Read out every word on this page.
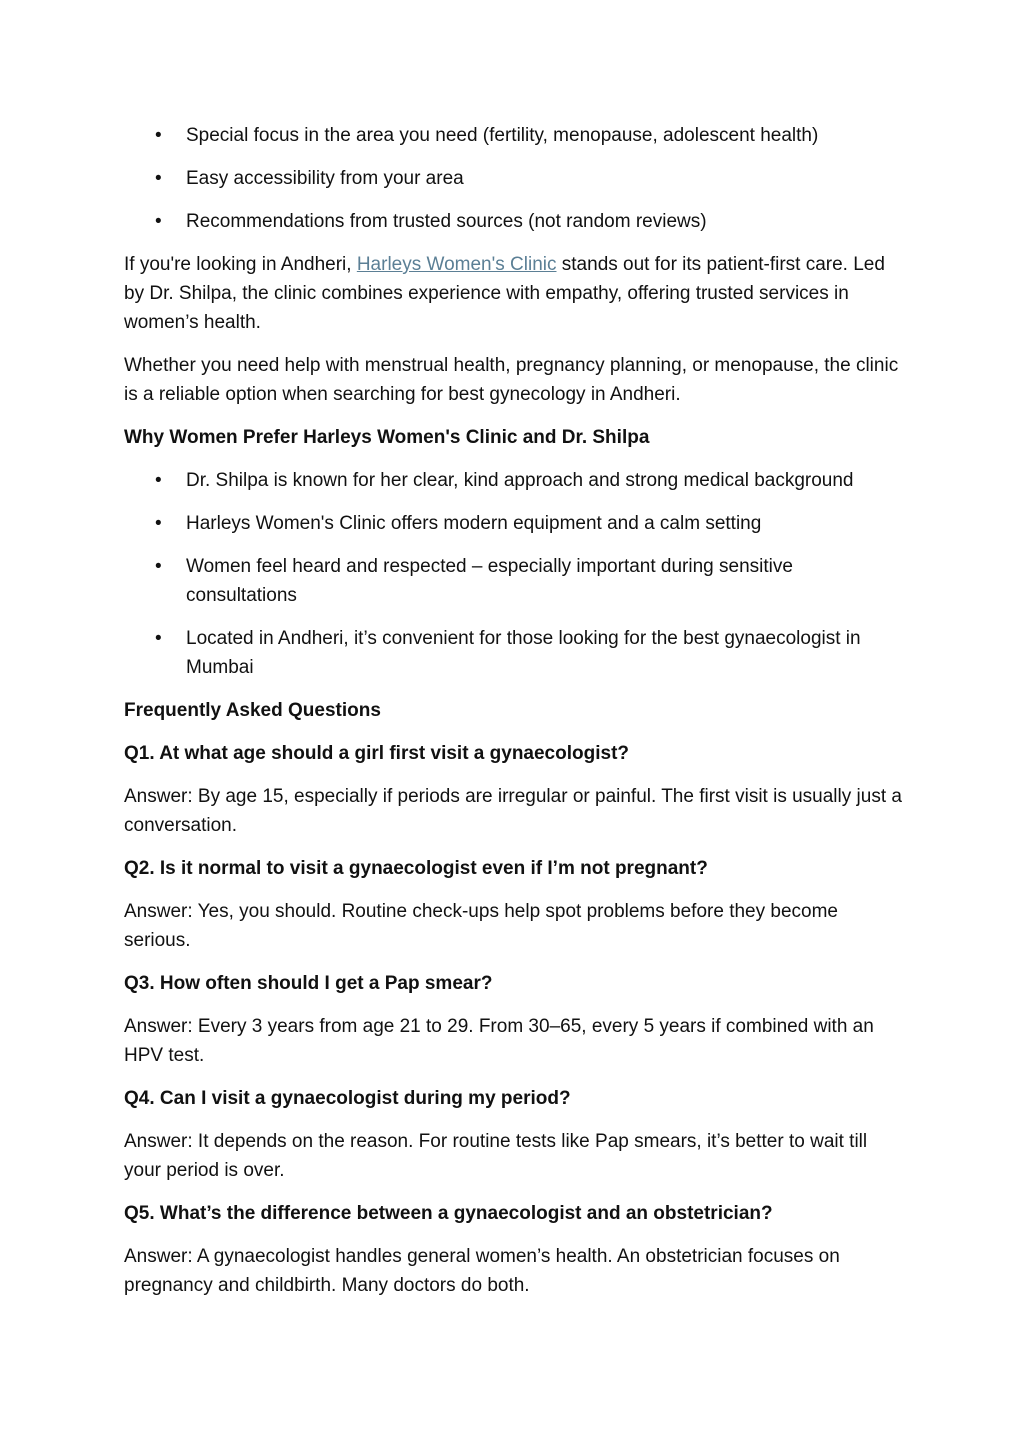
•	Special focus in the area you need (fertility, menopause, adolescent health)
•	Easy accessibility from your area
•	Recommendations from trusted sources (not random reviews)

If you're looking in Andheri, Harleys Women's Clinic stands out for its patient-first care. Led by Dr. Shilpa, the clinic combines experience with empathy, offering trusted services in women’s health.

Whether you need help with menstrual health, pregnancy planning, or menopause, the clinic is a reliable option when searching for best gynecology in Andheri.

Why Women Prefer Harleys Women's Clinic and Dr. Shilpa

•	Dr. Shilpa is known for her clear, kind approach and strong medical background
•	Harleys Women's Clinic offers modern equipment and a calm setting
•	Women feel heard and respected – especially important during sensitive consultations
•	Located in Andheri, it’s convenient for those looking for the best gynaecologist in Mumbai

Frequently Asked Questions

Q1. At what age should a girl first visit a gynaecologist?

Answer: By age 15, especially if periods are irregular or painful. The first visit is usually just a conversation.

Q2. Is it normal to visit a gynaecologist even if I’m not pregnant?

Answer: Yes, you should. Routine check-ups help spot problems before they become serious.

Q3. How often should I get a Pap smear?

Answer: Every 3 years from age 21 to 29. From 30–65, every 5 years if combined with an HPV test.

Q4. Can I visit a gynaecologist during my period?

Answer: It depends on the reason. For routine tests like Pap smears, it’s better to wait till your period is over.

Q5. What’s the difference between a gynaecologist and an obstetrician?

Answer: A gynaecologist handles general women’s health. An obstetrician focuses on pregnancy and childbirth. Many doctors do both.
